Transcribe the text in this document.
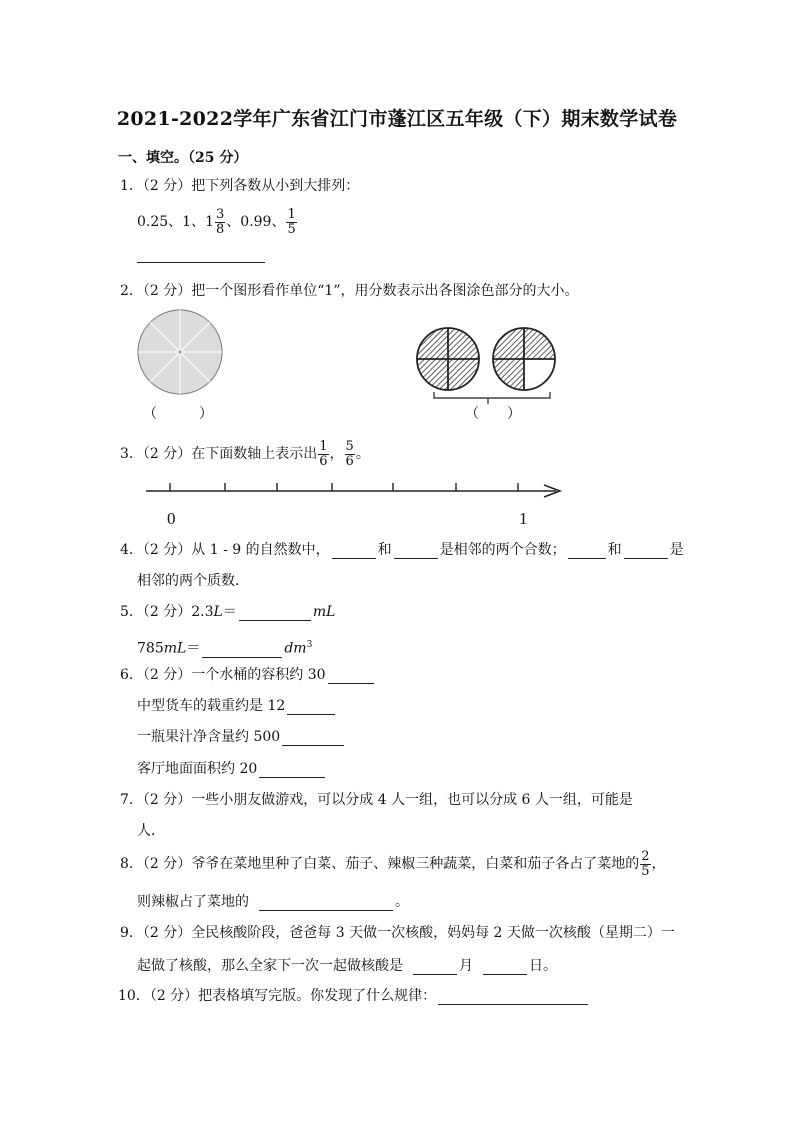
2021-2022学年广东省江门市蓬江区五年级（下）期末数学试卷
一、填空。（25 分）
1．（2 分）把下列各数从小到大排列：
0.25、1、$1 \frac{3}{8}$ 、0.99、 $\frac{1}{5}$
2．（2 分）把一个图形看作单位“1”，用分数表示出各图涂色部分的大小。
（　　　）	（　　）
3．（2 分）在下面数轴上表示出 $\frac{1}{6}$ ， $\frac{5}{6}$ 。
0	1
4．（2 分）从 1 - 9 的自然数中，	和	是相邻的两个合数；	和	是
相邻的两个质数．
5．（2 分）2.3L＝	mL
785mL＝	$dm^3$
6．（2 分）一个水桶的容积约 30
中型货车的载重约是 12
一瓶果汁净含量约 500
客厅地面面积约 20
7．（2 分）一些小朋友做游戏，可以分成 4 人一组，也可以分成 6 人一组，可能是
人．
8．（2 分）爷爷在菜地里种了白菜、茄子、辣椒三种蔬菜，白菜和茄子各占了菜地的 $\frac{2}{5}$ ，
则辣椒占了菜地的	。
9．（2 分）全民核酸阶段，爸爸每 3 天做一次核酸，妈妈每 2 天做一次核酸（星期二）一
起做了核酸，那么全家下一次一起做核酸是	月	日。
10．（2 分）把表格填写完版。你发现了什么规律：
